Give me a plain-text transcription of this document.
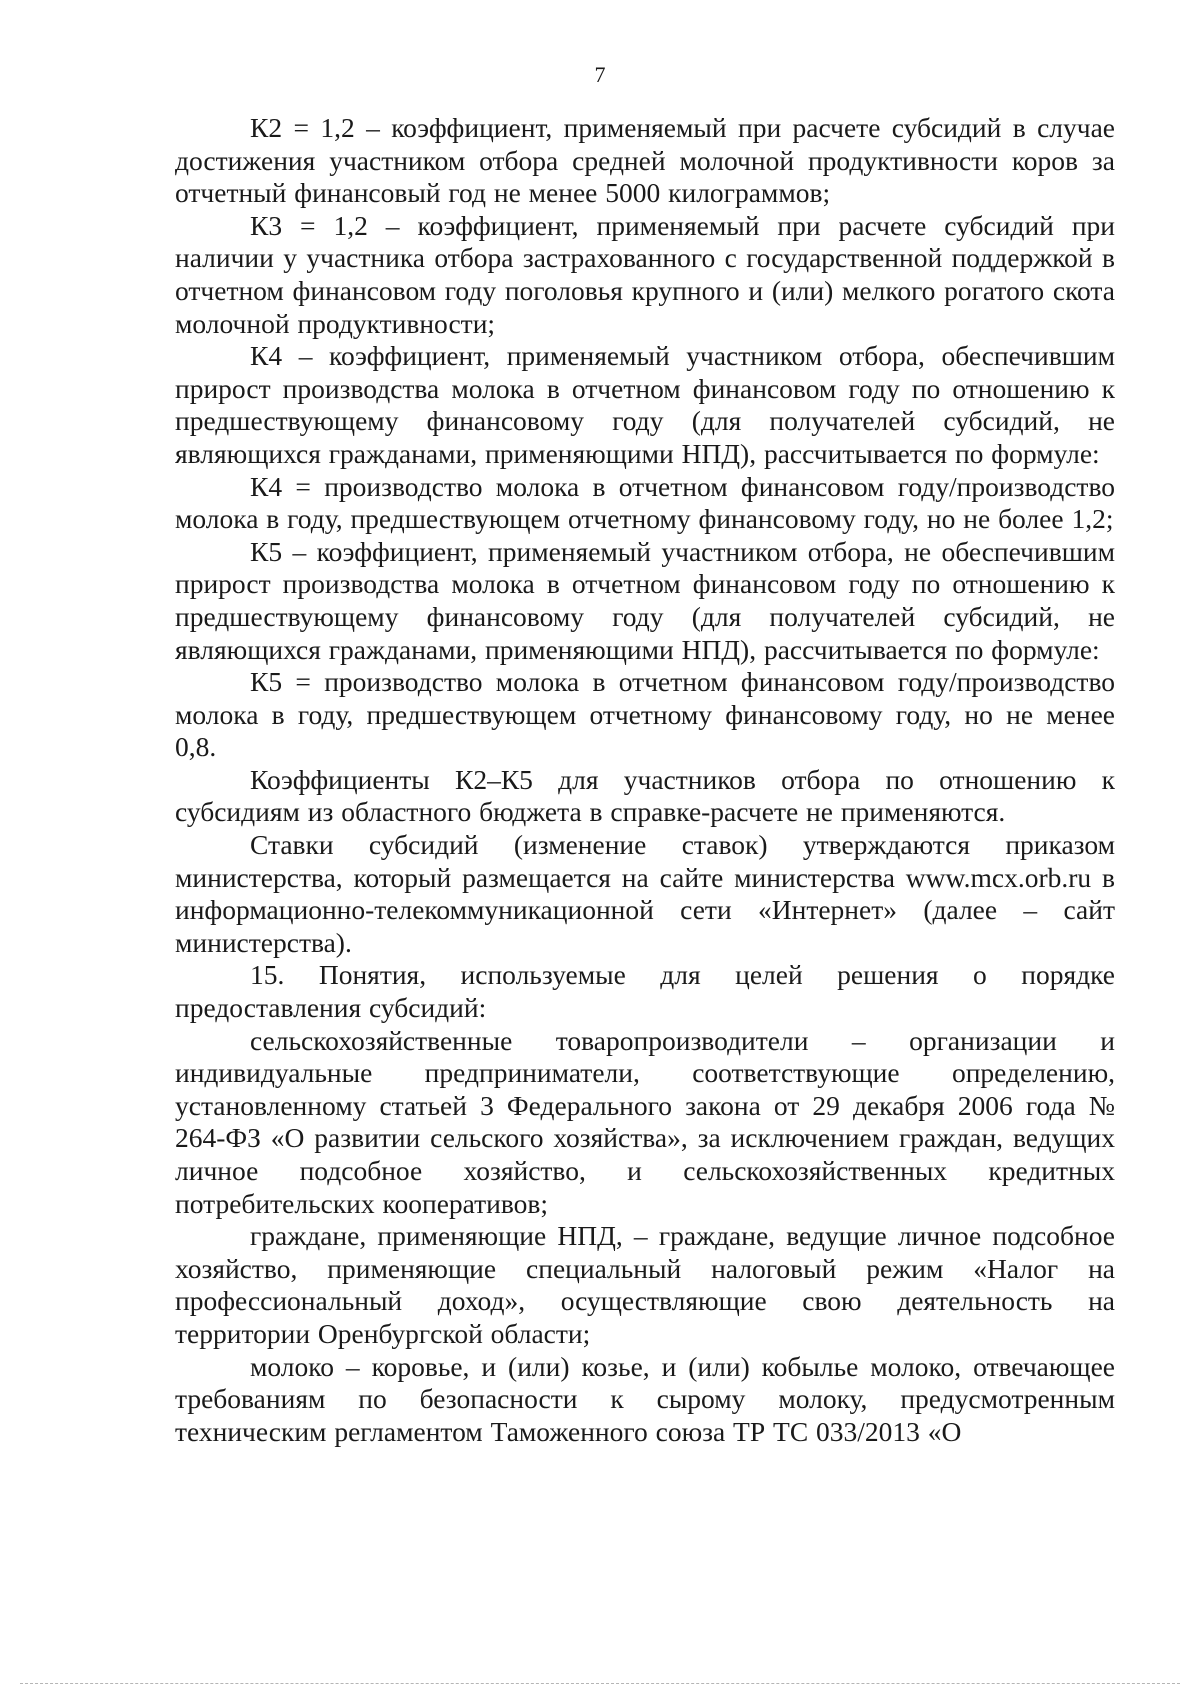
7

К2 = 1,2 – коэффициент, применяемый при расчете субсидий в случае достижения участником отбора средней молочной продуктивности коров за отчетный финансовый год не менее 5000 килограммов;

К3 = 1,2 – коэффициент, применяемый при расчете субсидий при наличии у участника отбора застрахованного с государственной поддержкой в отчетном финансовом году поголовья крупного и (или) мелкого рогатого скота молочной продуктивности;

К4 – коэффициент, применяемый участником отбора, обеспечившим прирост производства молока в отчетном финансовом году по отношению к предшествующему финансовому году (для получателей субсидий, не являющихся гражданами, применяющими НПД), рассчитывается по формуле:

К4 = производство молока в отчетном финансовом году/производство молока в году, предшествующем отчетному финансовому году, но не более 1,2;

К5 – коэффициент, применяемый участником отбора, не обеспечившим прирост производства молока в отчетном финансовом году по отношению к предшествующему финансовому году (для получателей субсидий, не являющихся гражданами, применяющими НПД), рассчитывается по формуле:

К5 = производство молока в отчетном финансовом году/производство молока в году, предшествующем отчетному финансовому году, но не менее 0,8.

Коэффициенты К2–К5 для участников отбора по отношению к субсидиям из областного бюджета в справке-расчете не применяются.

Ставки субсидий (изменение ставок) утверждаются приказом министерства, который размещается на сайте министерства www.mcx.orb.ru в информационно-телекоммуникационной сети «Интернет» (далее – сайт министерства).

15. Понятия, используемые для целей решения о порядке предоставления субсидий:

сельскохозяйственные товаропроизводители – организации и индивидуальные предприниматели, соответствующие определению, установленному статьей 3 Федерального закона от 29 декабря 2006 года № 264-ФЗ «О развитии сельского хозяйства», за исключением граждан, ведущих личное подсобное хозяйство, и сельскохозяйственных кредитных потребительских кооперативов;

граждане, применяющие НПД, – граждане, ведущие личное подсобное хозяйство, применяющие специальный налоговый режим «Налог на профессиональный доход», осуществляющие свою деятельность на территории Оренбургской области;

молоко – коровье, и (или) козье, и (или) кобылье молоко, отвечающее требованиям по безопасности к сырому молоку, предусмотренным техническим регламентом Таможенного союза ТР ТС 033/2013 «О
